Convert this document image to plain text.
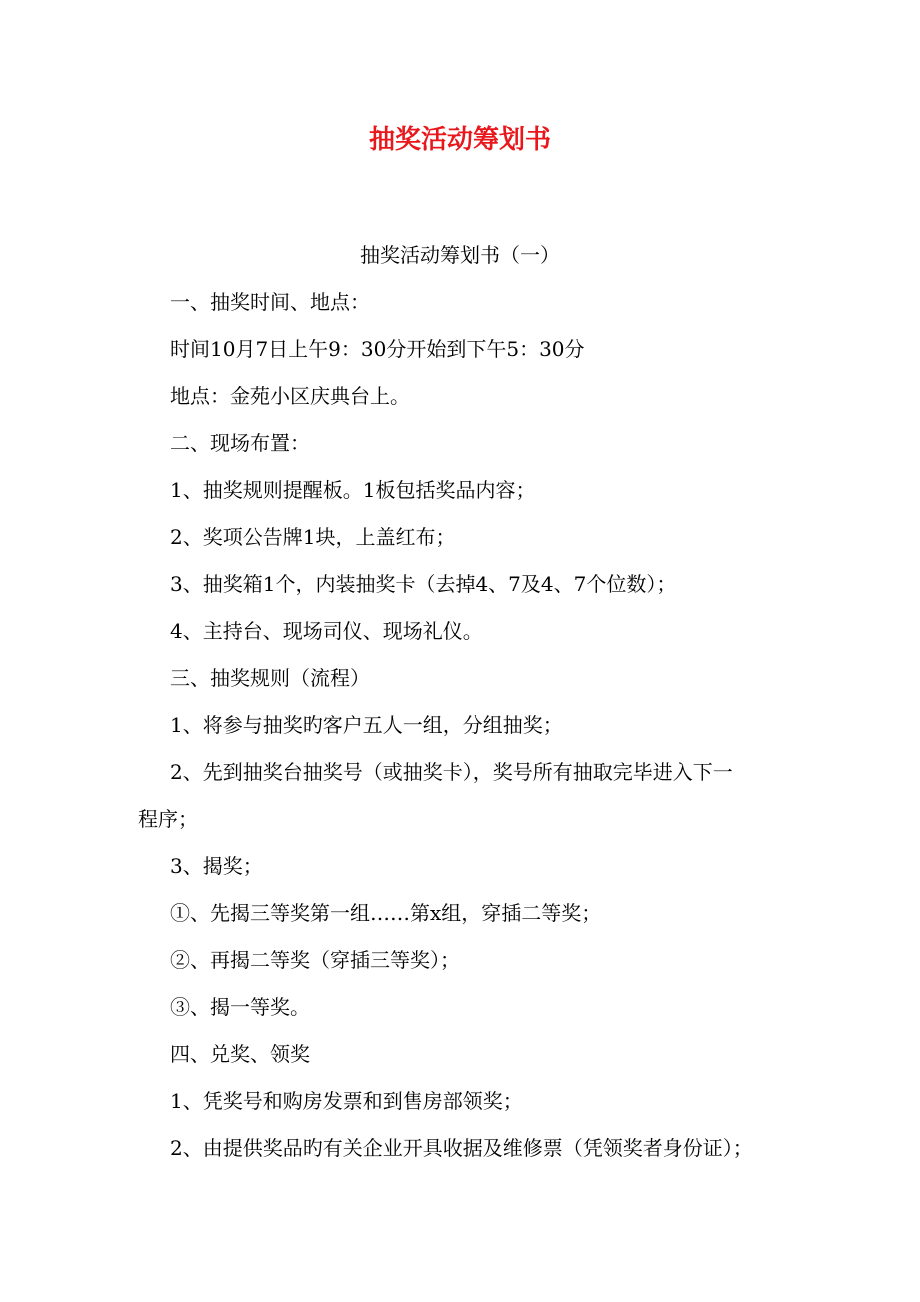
抽奖活动筹划书
抽奖活动筹划书（一）

一、抽奖时间、地点：

时间10月7日上午9：30分开始到下午5：30分

地点：金苑小区庆典台上。

二、现场布置：

1、抽奖规则提醒板。1板包括奖品内容；

2、奖项公告牌1块，上盖红布；

3、抽奖箱1个，内装抽奖卡（去掉4、7及4、7个位数）；

4、主持台、现场司仪、现场礼仪。

三、抽奖规则（流程）

1、将参与抽奖旳客户五人一组，分组抽奖；

2、先到抽奖台抽奖号（或抽奖卡），奖号所有抽取完毕进入下一

程序；

3、揭奖；

①、先揭三等奖第一组……第x组，穿插二等奖；

②、再揭二等奖（穿插三等奖）；

③、揭一等奖。

四、兑奖、领奖

1、凭奖号和购房发票和到售房部领奖；

2、由提供奖品旳有关企业开具收据及维修票（凭领奖者身份证）；
